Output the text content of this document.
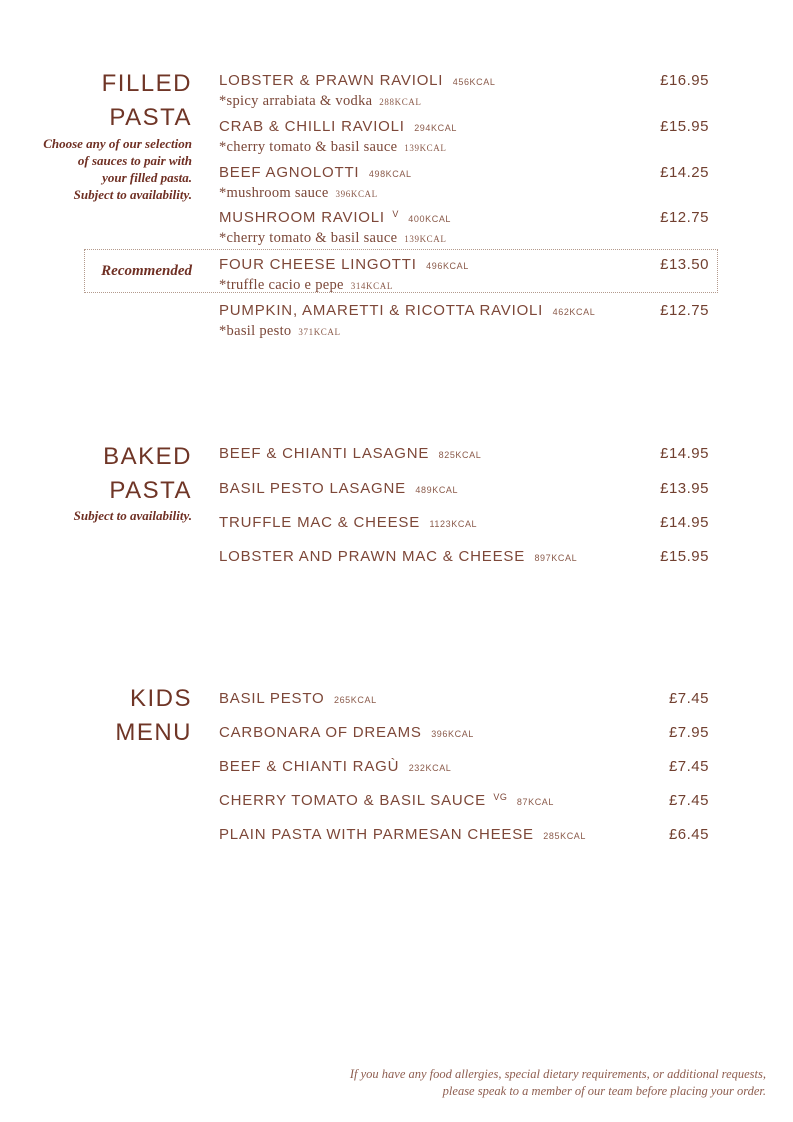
FILLED
PASTA
Choose any of our selection
of sauces to pair with
your filled pasta.
Subject to availability.
Recommended
LOBSTER & PRAWN RAVIOLI 456KCAL
*spicy arrabiata & vodka 288KCAL
£16.95
CRAB & CHILLI RAVIOLI 294KCAL
*cherry tomato & basil sauce 139KCAL
£15.95
BEEF AGNOLOTTI 498KCAL
*mushroom sauce 396KCAL
£14.25
MUSHROOM RAVIOLI $^V$ 400KCAL
*cherry tomato & basil sauce 139KCAL
£12.75
FOUR CHEESE LINGOTTI 496KCAL
*truffle cacio e pepe 314KCAL
£13.50
PUMPKIN, AMARETTI & RICOTTA RAVIOLI 462KCAL
*basil pesto 371KCAL
£12.75
BAKED
PASTA
Subject to availability.
BEEF & CHIANTI LASAGNE 825KCAL	£14.95
BASIL PESTO LASAGNE 489KCAL	£13.95
TRUFFLE MAC & CHEESE 1123KCAL	£14.95
LOBSTER AND PRAWN MAC & CHEESE 897KCAL	£15.95
KIDS
MENU
BASIL PESTO 265KCAL	£7.45
CARBONARA OF DREAMS 396KCAL	£7.95
BEEF & CHIANTI RAGÙ 232KCAL	£7.45
CHERRY TOMATO & BASIL SAUCE $^{VG}$ 87KCAL	£7.45
PLAIN PASTA WITH PARMESAN CHEESE 285KCAL	£6.45
If you have any food allergies, special dietary requirements, or additional requests,
please speak to a member of our team before placing your order.
